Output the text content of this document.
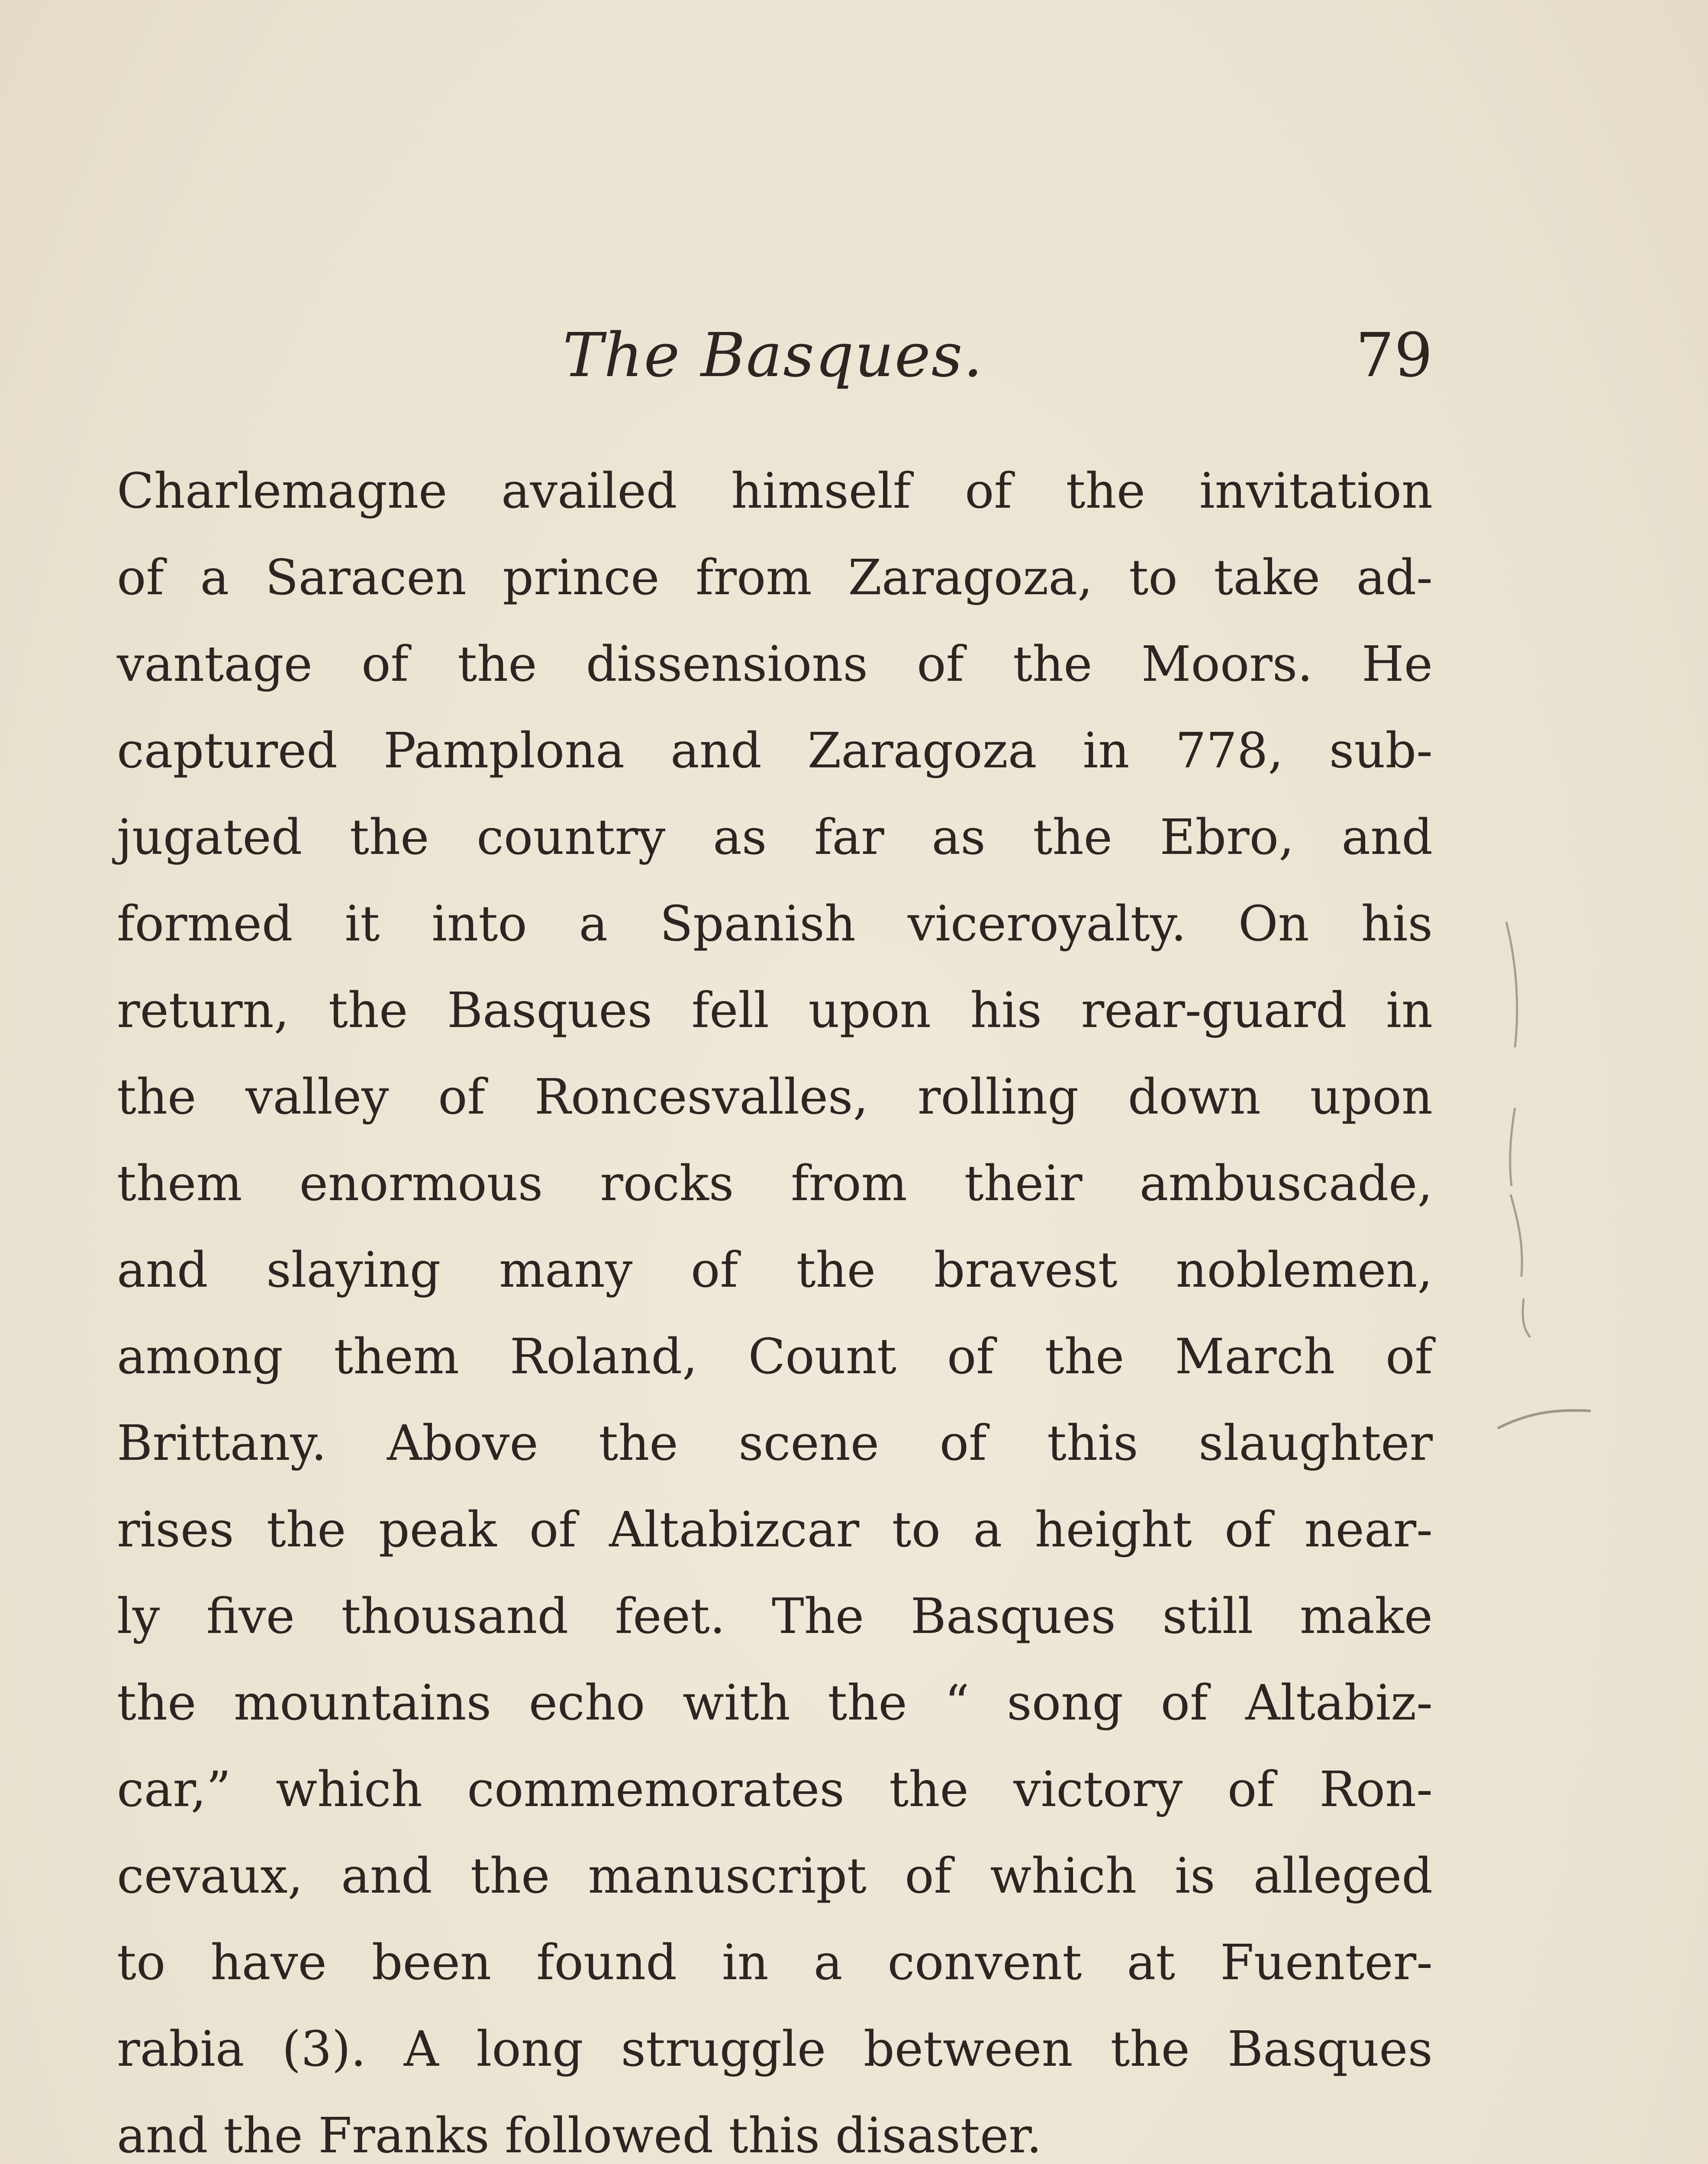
The Basques.	79
Charlemagne availed himself of the invitation
of a Saracen prince from Zaragoza, to take ad-
vantage of the dissensions of the Moors. He
captured Pamplona and Zaragoza in 778, sub-
jugated the country as far as the Ebro, and
formed it into a Spanish viceroyalty. On his
return, the Basques fell upon his rear-guard in
the valley of Roncesvalles, rolling down upon
them enormous rocks from their ambuscade,
and slaying many of the bravest noblemen,
among them Roland, Count of the March of
Brittany. Above the scene of this slaughter
rises the peak of Altabizcar to a height of near-
ly five thousand feet. The Basques still make
the mountains echo with the “ song of Altabiz-
car,” which commemorates the victory of Ron-
cevaux, and the manuscript of which is alleged
to have been found in a convent at Fuenter-
rabia (3). A long struggle between the Basques
and the Franks followed this disaster.
